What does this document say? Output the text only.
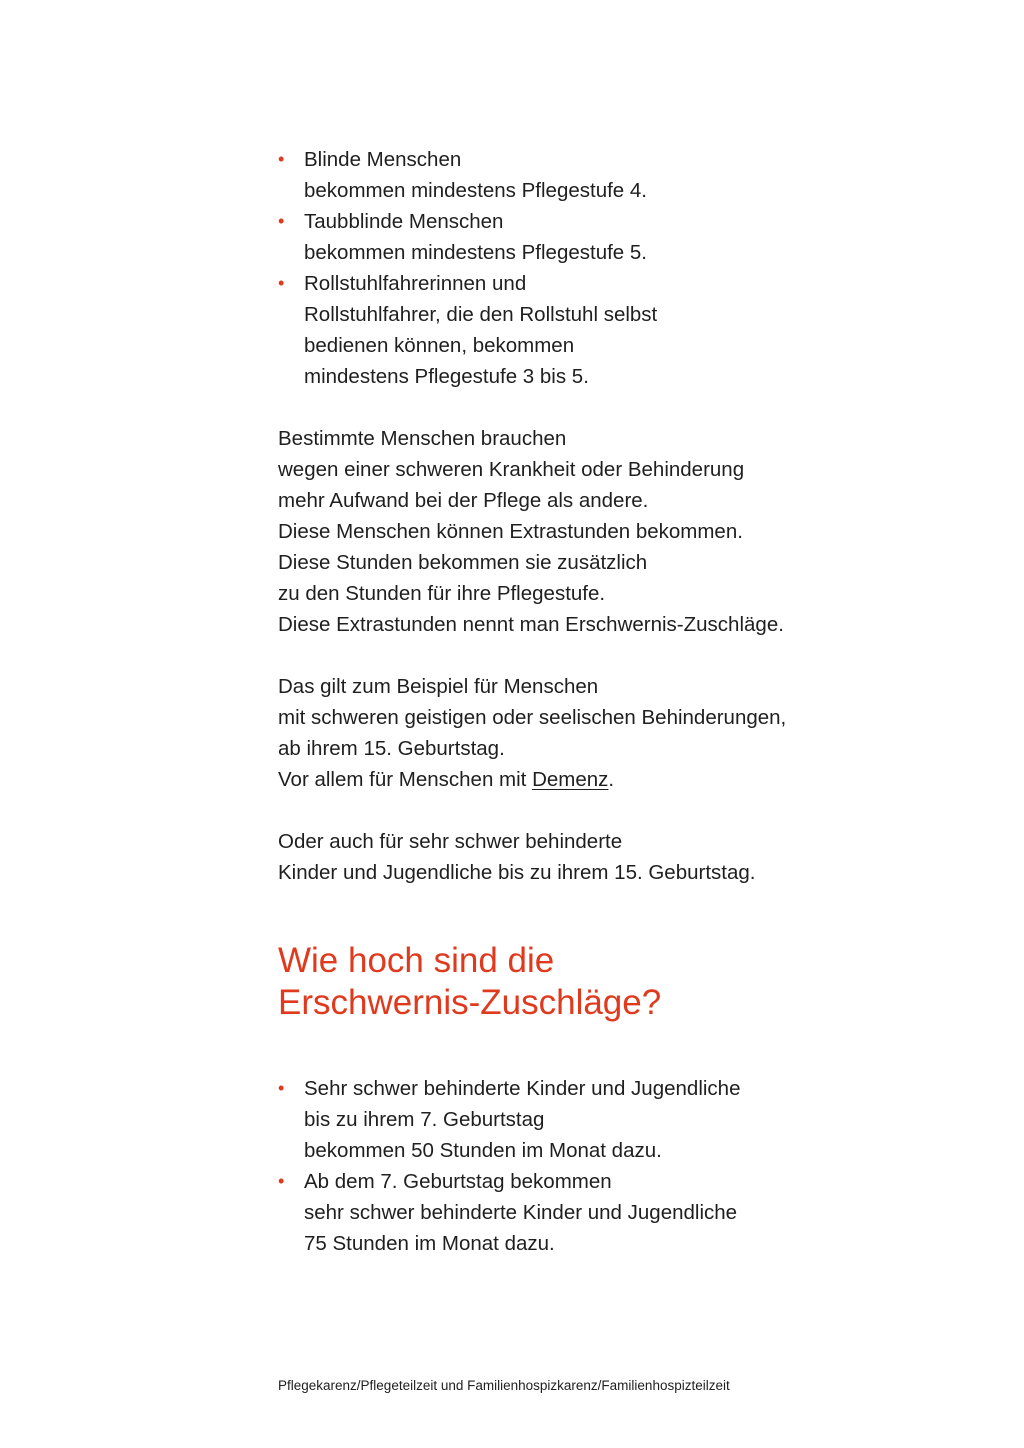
• Blinde Menschen
bekommen mindestens Pflegestufe 4.
• Taubblinde Menschen
bekommen mindestens Pflegestufe 5.
• Rollstuhlfahrerinnen und
Rollstuhlfahrer, die den Rollstuhl selbst
bedienen können, bekommen
mindestens Pflegestufe 3 bis 5.

Bestimmte Menschen brauchen
wegen einer schweren Krankheit oder Behinderung
mehr Aufwand bei der Pflege als andere.
Diese Menschen können Extrastunden bekommen.
Diese Stunden bekommen sie zusätzlich
zu den Stunden für ihre Pflegestufe.
Diese Extrastunden nennt man Erschwernis-Zuschläge.

Das gilt zum Beispiel für Menschen
mit schweren geistigen oder seelischen Behinderungen,
ab ihrem 15. Geburtstag.
Vor allem für Menschen mit Demenz.

Oder auch für sehr schwer behinderte
Kinder und Jugendliche bis zu ihrem 15. Geburtstag.

Wie hoch sind die
Erschwernis-Zuschläge?
• Sehr schwer behinderte Kinder und Jugendliche
bis zu ihrem 7. Geburtstag
bekommen 50 Stunden im Monat dazu.
• Ab dem 7. Geburtstag bekommen
sehr schwer behinderte Kinder und Jugendliche
75 Stunden im Monat dazu.
Pflegekarenz/Pflegeteilzeit und Familienhospizkarenz/Familienhospizteilzeit
